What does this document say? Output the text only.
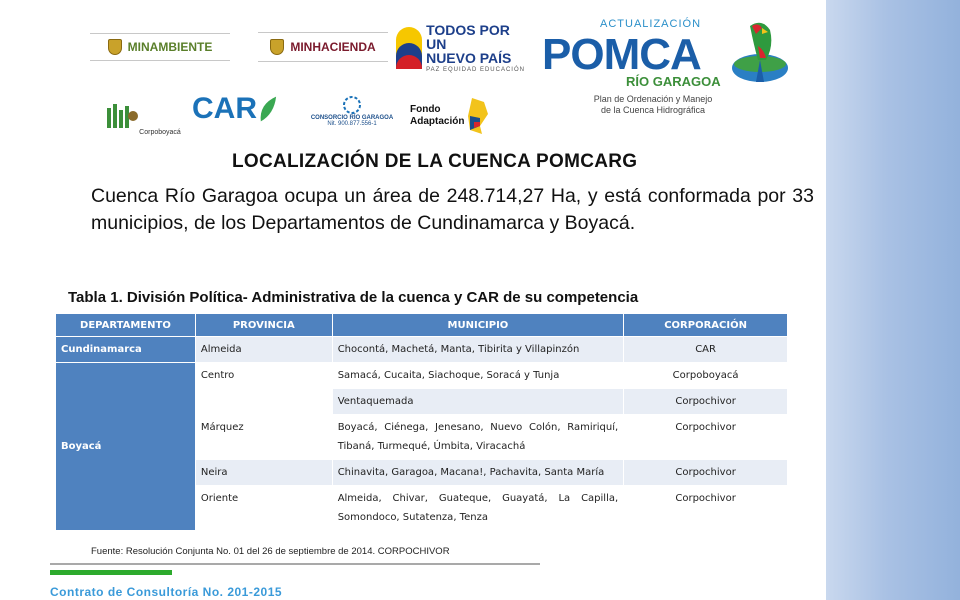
MINAMBIENTE	MINHACIENDA
TODOS POR UN
NUEVO PAÍS
PAZ EQUIDAD EDUCACIÓN
ACTUALIZACIÓN
POMCA
RÍO GARAGOA
Plan de Ordenación y Manejo
de la Cuenca Hidrográfica
Corpoboyacá
CAR	CONSORCIO RÍO GARAGOA
Nit. 900.877.556-1
Fondo
Adaptación
LOCALIZACIÓN DE LA CUENCA POMCARG
Cuenca Río Garagoa ocupa un área de 248.714,27 Ha, y está conformada por 33 municipios, de los Departamentos de Cundinamarca y Boyacá.
Tabla 1. División Política- Administrativa de la cuenca y CAR de su competencia
DEPARTAMENTO	PROVINCIA	MUNICIPIO	CORPORACIÓN
Cundinamarca	Almeida	Chocontá, Machetá, Manta, Tibirita y Villapinzón	CAR
Boyacá	Centro	Samacá, Cucaita, Siachoque, Soracá y Tunja	Corpoboyacá
		Ventaquemada	Corpochivor
	Márquez	Boyacá, Ciénega, Jenesano, Nuevo Colón, Ramiriquí, Tibaná, Turmequé, Úmbita, Viracachá	Corpochivor
	Neira	Chinavita, Garagoa, Macana!, Pachavita, Santa María	Corpochivor
	Oriente	Almeida, Chivar, Guateque, Guayatá, La Capilla, Somondoco, Sutatenza, Tenza	Corpochivor
Fuente: Resolución Conjunta No. 01 del 26 de septiembre de 2014. CORPOCHIVOR
Contrato de Consultoría No. 201-2015
